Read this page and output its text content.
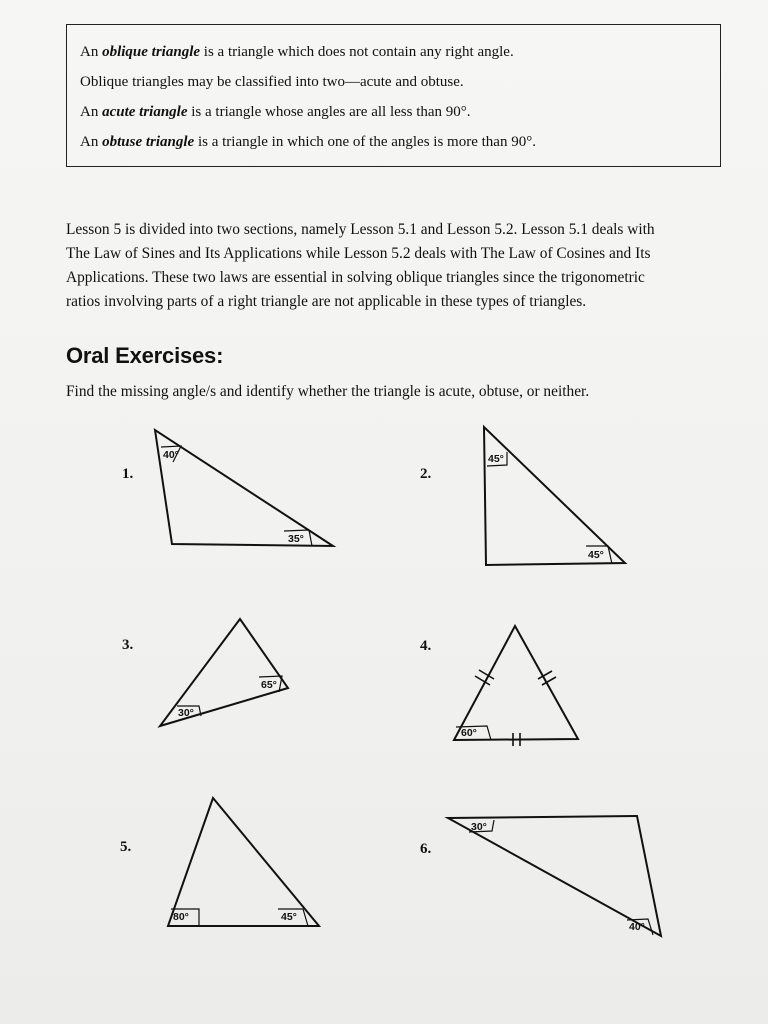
An oblique triangle is a triangle which does not contain any right angle.
Oblique triangles may be classified into two—acute and obtuse.
An acute triangle is a triangle whose angles are all less than 90°.
An obtuse triangle is a triangle in which one of the angles is more than 90°.
Lesson 5 is divided into two sections, namely Lesson 5.1 and Lesson 5.2. Lesson 5.1 deals with
The Law of Sines and Its Applications while Lesson 5.2 deals with The Law of Cosines and Its
Applications. These two laws are essential in solving oblique triangles since the trigonometric
ratios involving parts of a right triangle are not applicable in these types of triangles.
Oral Exercises:
Find the missing angle/s and identify whether the triangle is acute, obtuse, or neither.
1.	2.
3.	4.
5.	6.
40°
35°
45°
45°
65°
30°
60°
80°	45°
30°
40°
